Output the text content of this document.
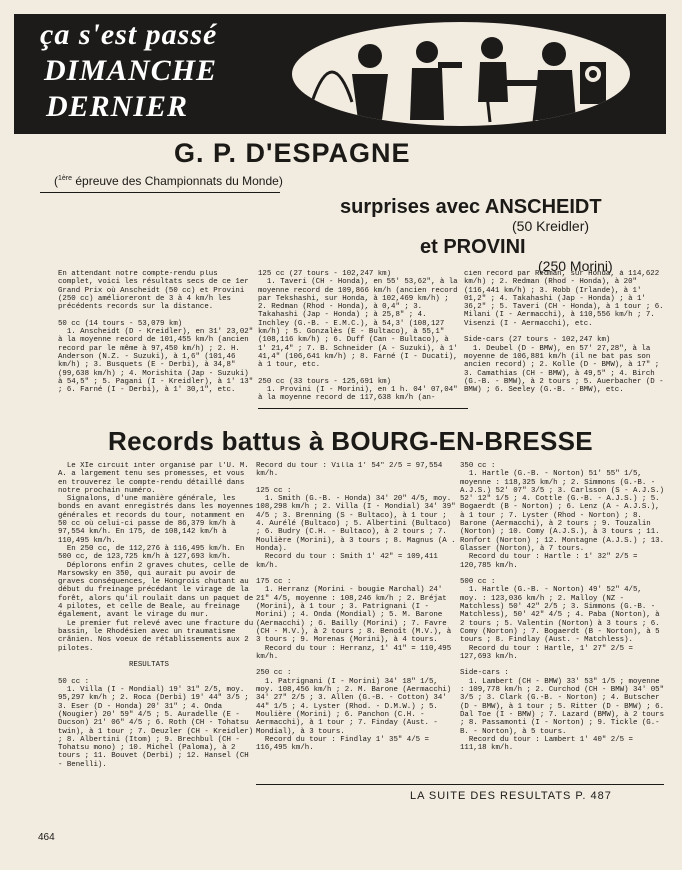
ça s'est passé
DIMANCHE
DERNIER
G. P. D'ESPAGNE
($^{1ère}$ épreuve des Championnats du Monde)
surprises avec ANSCHEIDT
(50 Kreidler)
et PROVINI
(250 Morini)
En attendant notre compte-rendu plus complet, voici les résultats secs de ce 1er Grand Prix où Anscheidt (50 cc) et Provini (250 cc) amélioreront de 3 à 4 km/h les précédents records sur la distance.

50 cc (14 tours - 53,079 km)
1. Anscheidt (D - Kreidler), en 31' 23,02" à la moyenne record de 101,455 km/h (ancien record par le même à 97,450 km/h) ; 2. H. Anderson (N.Z. - Suzuki), à 1,6" (101,46 km/h) ; 3. Busquets (E - Derbi), à 34,8" (99,638 km/h) ; 4. Morishita (Jap - Suzuki) à 54,5" ; 5. Pagani (I - Kreidler), à 1' 13" ; 6. Farné (I - Derbi), à 1' 30,1", etc.
125 cc (27 tours - 102,247 km)
1. Taveri (CH - Honda), en 55' 53,62", à la moyenne record de 109,866 km/h (ancien record par Tekshashi, sur Honda, à 102,469 km/h) ; 2. Redman (Rhod - Honda), à 0,4" ; 3. Takahashi (Jap - Honda) ; à 25,8" ; 4. Inchley (G.-B. - E.M.C.), à 54,3' (108,127 km/h) ; 5. Gonzalès (E - Bultaco), à 55,1" (108,116 km/h) ; 6. Duff (Can - Bultaco), à 1' 21,4" ; 7. B. Schneider (A - Suzuki), à 1' 41,4" (106,641 km/h) ; 8. Farné (I - Ducati), à 1 tour, etc.

250 cc (33 tours - 125,691 km)
1. Provini (I - Morini), en 1 h. 04' 07,04" à la moyenne record de 117,638 km/h (an-
cien record par Redman, sur Honda, à 114,622 km/h) ; 2. Redman (Rhod - Honda), à 20" (116,441 km/h) ; 3. Robb (Irlande), à 1' 01,2" ; 4. Takahashi (Jap - Honda) ; à 1' 36,2" ; 5. Taveri (CH - Honda), à 1 tour ; 6. Milani (I - Aermacchi), à 110,556 km/h ; 7. Visenzi (I - Aermacchi), etc.

Side-cars (27 tours - 102,247 km)
1. Deubel (D - BMW), en 57' 27,28", à la moyenne de 106,881 km/h (il ne bat pas son ancien record) ; 2. Kolle (D - BMW), à 17" ; 3. Camathias (CH - BMW), à 49,5" ; 4. Birch (G.-B. - BMW), à 2 tours ; 5. Auerbacher (D - BMW) ; 6. Seeley (G.-B. - BMW), etc.
Records battus à BOURG-EN-BRESSE
Le XIe circuit inter organisé par l'U. M. A. a largement tenu ses promesses, et vous en trouverez le compte-rendu détaillé dans notre prochain numéro.
Signalons, d'une manière générale, les bonds en avant enregistrés dans les moyennes générales et records du tour, notamment en 50 cc où celui-ci passe de 86,379 km/h à 97,554 km/h. En 175, de 108,142 km/h à 110,495 km/h.
En 250 cc, de 112,276 à 116,495 km/h. En 500 cc, de 123,725 km/h à 127,693 km/h.
Déplorons enfin 2 graves chutes, celle de Marsowsky en 350, qui aurait pu avoir de graves conséquences, le Hongrois chutant au début du freinage précédant le virage de la forêt, alors qu'il roulait dans un paquet de 4 pilotes, et celle de Beale, au freinage également, avant le virage du mur.
Le premier fut relevé avec une fracture du bassin, le Rhodésien avec un traumatisme crânien. Nos voeux de rétablissements aux 2 pilotes.

RESULTATS

50 cc :
1. Villa (I - Mondial) 19' 31" 2/5, moy. 95,297 km/h ; 2. Roca (Derbi) 19' 44" 3/5 ; 3. Eser (D - Honda) 20' 31" ; 4. Onda (Nougier) 20' 59" 4/5 ; 5. Auradelle (E - Ducson) 21' 06" 4/5 ; 6. Roth (CH - Tohatsu twin), à 1 tour ; 7. Deuzler (CH - Kreidler) ; 8. Albertini (Itom) ; 9. Brechbul (CH - Tohatsu mono) ; 10. Michel (Paloma), à 2 tours ; 11. Bouvet (Derbi) ; 12. Hansel (CH - Benelli).
Record du tour : Villa 1' 54" 2/5 = 97,554 km/h.

125 cc :
1. Smith (G.-B. - Honda) 34' 20" 4/5, moy. 108,298 km/h ; 2. Villa (I - Mondial) 34' 39" 4/5 ; 3. Brenning (S - Bultaco), à 1 tour ; 4. Aurélé (Bultaco) ; 5. Albertini (Bultaco) ; 6. Budry (C.H. - Bultaco), à 2 tours ; 7. Moulière (Morini), à 3 tours ; 8. Magnus (A . Honda).
Record du tour : Smith 1' 42" = 109,411 km/h.

175 cc :
1. Herranz (Morini - bougie Marchal) 24' 21" 4/5, moyenne : 108,246 km/h ; 2. Bréjat (Morini), à 1 tour ; 3. Patrignani (I - Morini) ; 4. Onda (Mondial) ; 5. M. Barone (Aermacchi) ; 6. Bailly (Morini) ; 7. Favre (CH - M.V.), à 2 tours ; 8. Benoît (M.V.), à 3 tours ; 9. Morenas (Morini), à 4 tours.
Record du tour : Herranz, 1' 41" = 110,495 km/h.

250 cc :
1. Patrignani (I - Morini) 34' 18" 1/5, moy. 108,456 km/h ; 2. M. Barone (Aermacchi) 34' 27" 2/5 ; 3. Allen (G.-B. - Cotton) 34' 44" 1/5 ; 4. Lyster (Rhod. - D.M.W.) ; 5. Moulière (Morini) ; 6. Panchon (C.H. - Aermacchi), à 1 tour ; 7. Finday (Aust. - Mondial), à 3 tours.
Record du tour : Findlay 1' 35" 4/5 = 116,495 km/h.
350 cc :
1. Hartle (G.-B. - Norton) 51' 55" 1/5, moyenne : 118,325 km/h ; 2. Simmons (G.-B. - A.J.S.) 52' 07" 3/5 ; 3. Carlsson (S - A.J.S.) 52' 12" 1/5 ; 4. Cottle (G.-B. - A.J.S.) ; 5. Bogaerdt (B - Norton) ; 6. Lenz (A - A.J.S.), à 1 tour ; 7. Lyster (Rhod - Norton) ; 8. Barone (Aermacchi), à 2 tours ; 9. Touzalin (Norton) ; 10. Comy (A.J.S.), à 3 tours ; 11. Ronfort (Norton) ; 12. Montagne (A.J.S.) ; 13. Glasser (Norton), à 7 tours.
Record du tour : Hartle : 1' 32" 2/5 = 120,785 km/h.

500 cc :
1. Hartle (G.-B. - Norton) 49' 52" 4/5, moy. : 123,036 km/h ; 2. Malloy (NZ - Matchless) 50' 42" 2/5 ; 3. Simmons (G.-B. - Matchless), 50' 42" 4/5 ; 4. Paba (Norton), à 2 tours ; 5. Valentin (Norton) à 3 tours ; 6. Comy (Norton) ; 7. Bogaerdt (B - Norton), à 5 tours ; 8. Findlay (Aust. - Matchless).
Record du tour : Hartle, 1' 27" 2/5 = 127,693 km/h.

Side-cars :
1. Lambert (CH - BMW) 33' 53" 1/5 ; moyenne : 109,778 km/h ; 2. Curchod (CH - BMW) 34' 05" 3/5 ; 3. Clark (G.-B. - Norton) ; 4. Butscher (D - BMW), à 1 tour ; 5. Ritter (D - BMW) ; 6. Dal Toe (I - BMW) ; 7. Lazard (BMW), à 2 tours ; 8. Passamonti (I - Norton) ; 9. Tickle (G.-B. - Norton), à 5 tours.
Record du tour : Lambert 1' 40" 2/5 = 111,18 km/h.
LA SUITE DES RESULTATS P. 487
464
